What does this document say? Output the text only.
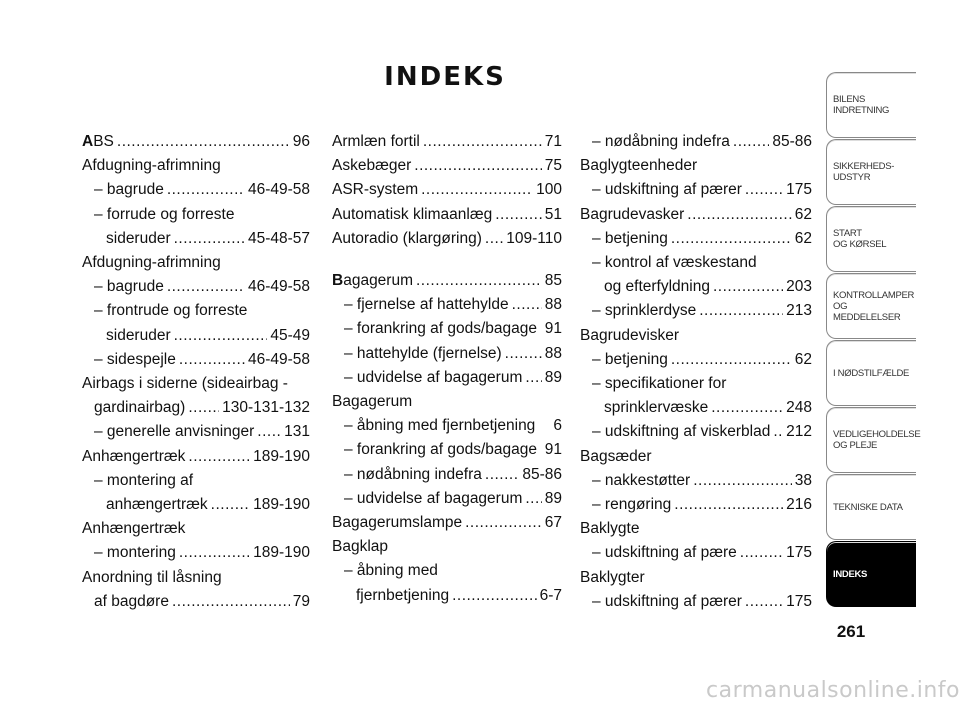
INDEKS
ABS .....	96
Afdugning-afrimning
– bagrude .....	46-49-58
– forrude og forreste
sideruder .....	45-48-57
Afdugning-afrimning
– bagrude .....	46-49-58
– frontrude og forreste
sideruder .....	45-49
– sidespejle .....	46-49-58
Airbags i siderne (sideairbag -
gardinairbag) ..... 130-131-132
– generelle anvisninger ..... 131
Anhængertræk .....	189-190
– montering af
anhængertræk .....	189-190
Anhængertræk
– montering .....	189-190
Anordning til låsning
af bagdøre .....	79
Armlæn fortil .....	71
Askebæger .....	75
ASR-system .....	100
Automatisk klimaanlæg .....	51
Autoradio (klargøring) ..... 109-110
Bagagerum .....	85
– fjernelse af hattehylde ..... 88
– forankring af gods/bagage 91
– hattehylde (fjernelse) .....	88
– udvidelse af bagagerum ..... 89
Bagagerum
– åbning med fjernbetjening 6
– forankring af gods/bagage 91
– nødåbning indefra .....	85-86
– udvidelse af bagagerum ..... 89
Bagagerumslampe .....	67
Bagklap
– åbning med
fjernbetjening .....	6-7
– nødåbning indefra .....	85-86
Baglygteenheder
– udskiftning af pærer .....	175
Bagrudevasker .....	62
– betjening .....	62
– kontrol af væskestand
og efterfyldning .....	203
– sprinklerdyse .....	213
Bagrudevisker
– betjening .....	62
– specifikationer for
sprinklervæske .....	248
– udskiftning af viskerblad ..... 212
Bagsæder
– nakkestøtter .....	38
– rengøring .....	216
Baklygte
– udskiftning af pære .....	175
Baklygter
– udskiftning af pærer .....	175
BILENS
INDRETNING
SIKKERHEDS-
UDSTYR
START
OG KØRSEL
KONTROLLAMPER
OG MEDDELELSER
I NØDSTILFÆLDE
VEDLIGEHOLDELSE
OG PLEJE
TEKNISKE DATA
INDEKS
261
carmanualsonline.info
